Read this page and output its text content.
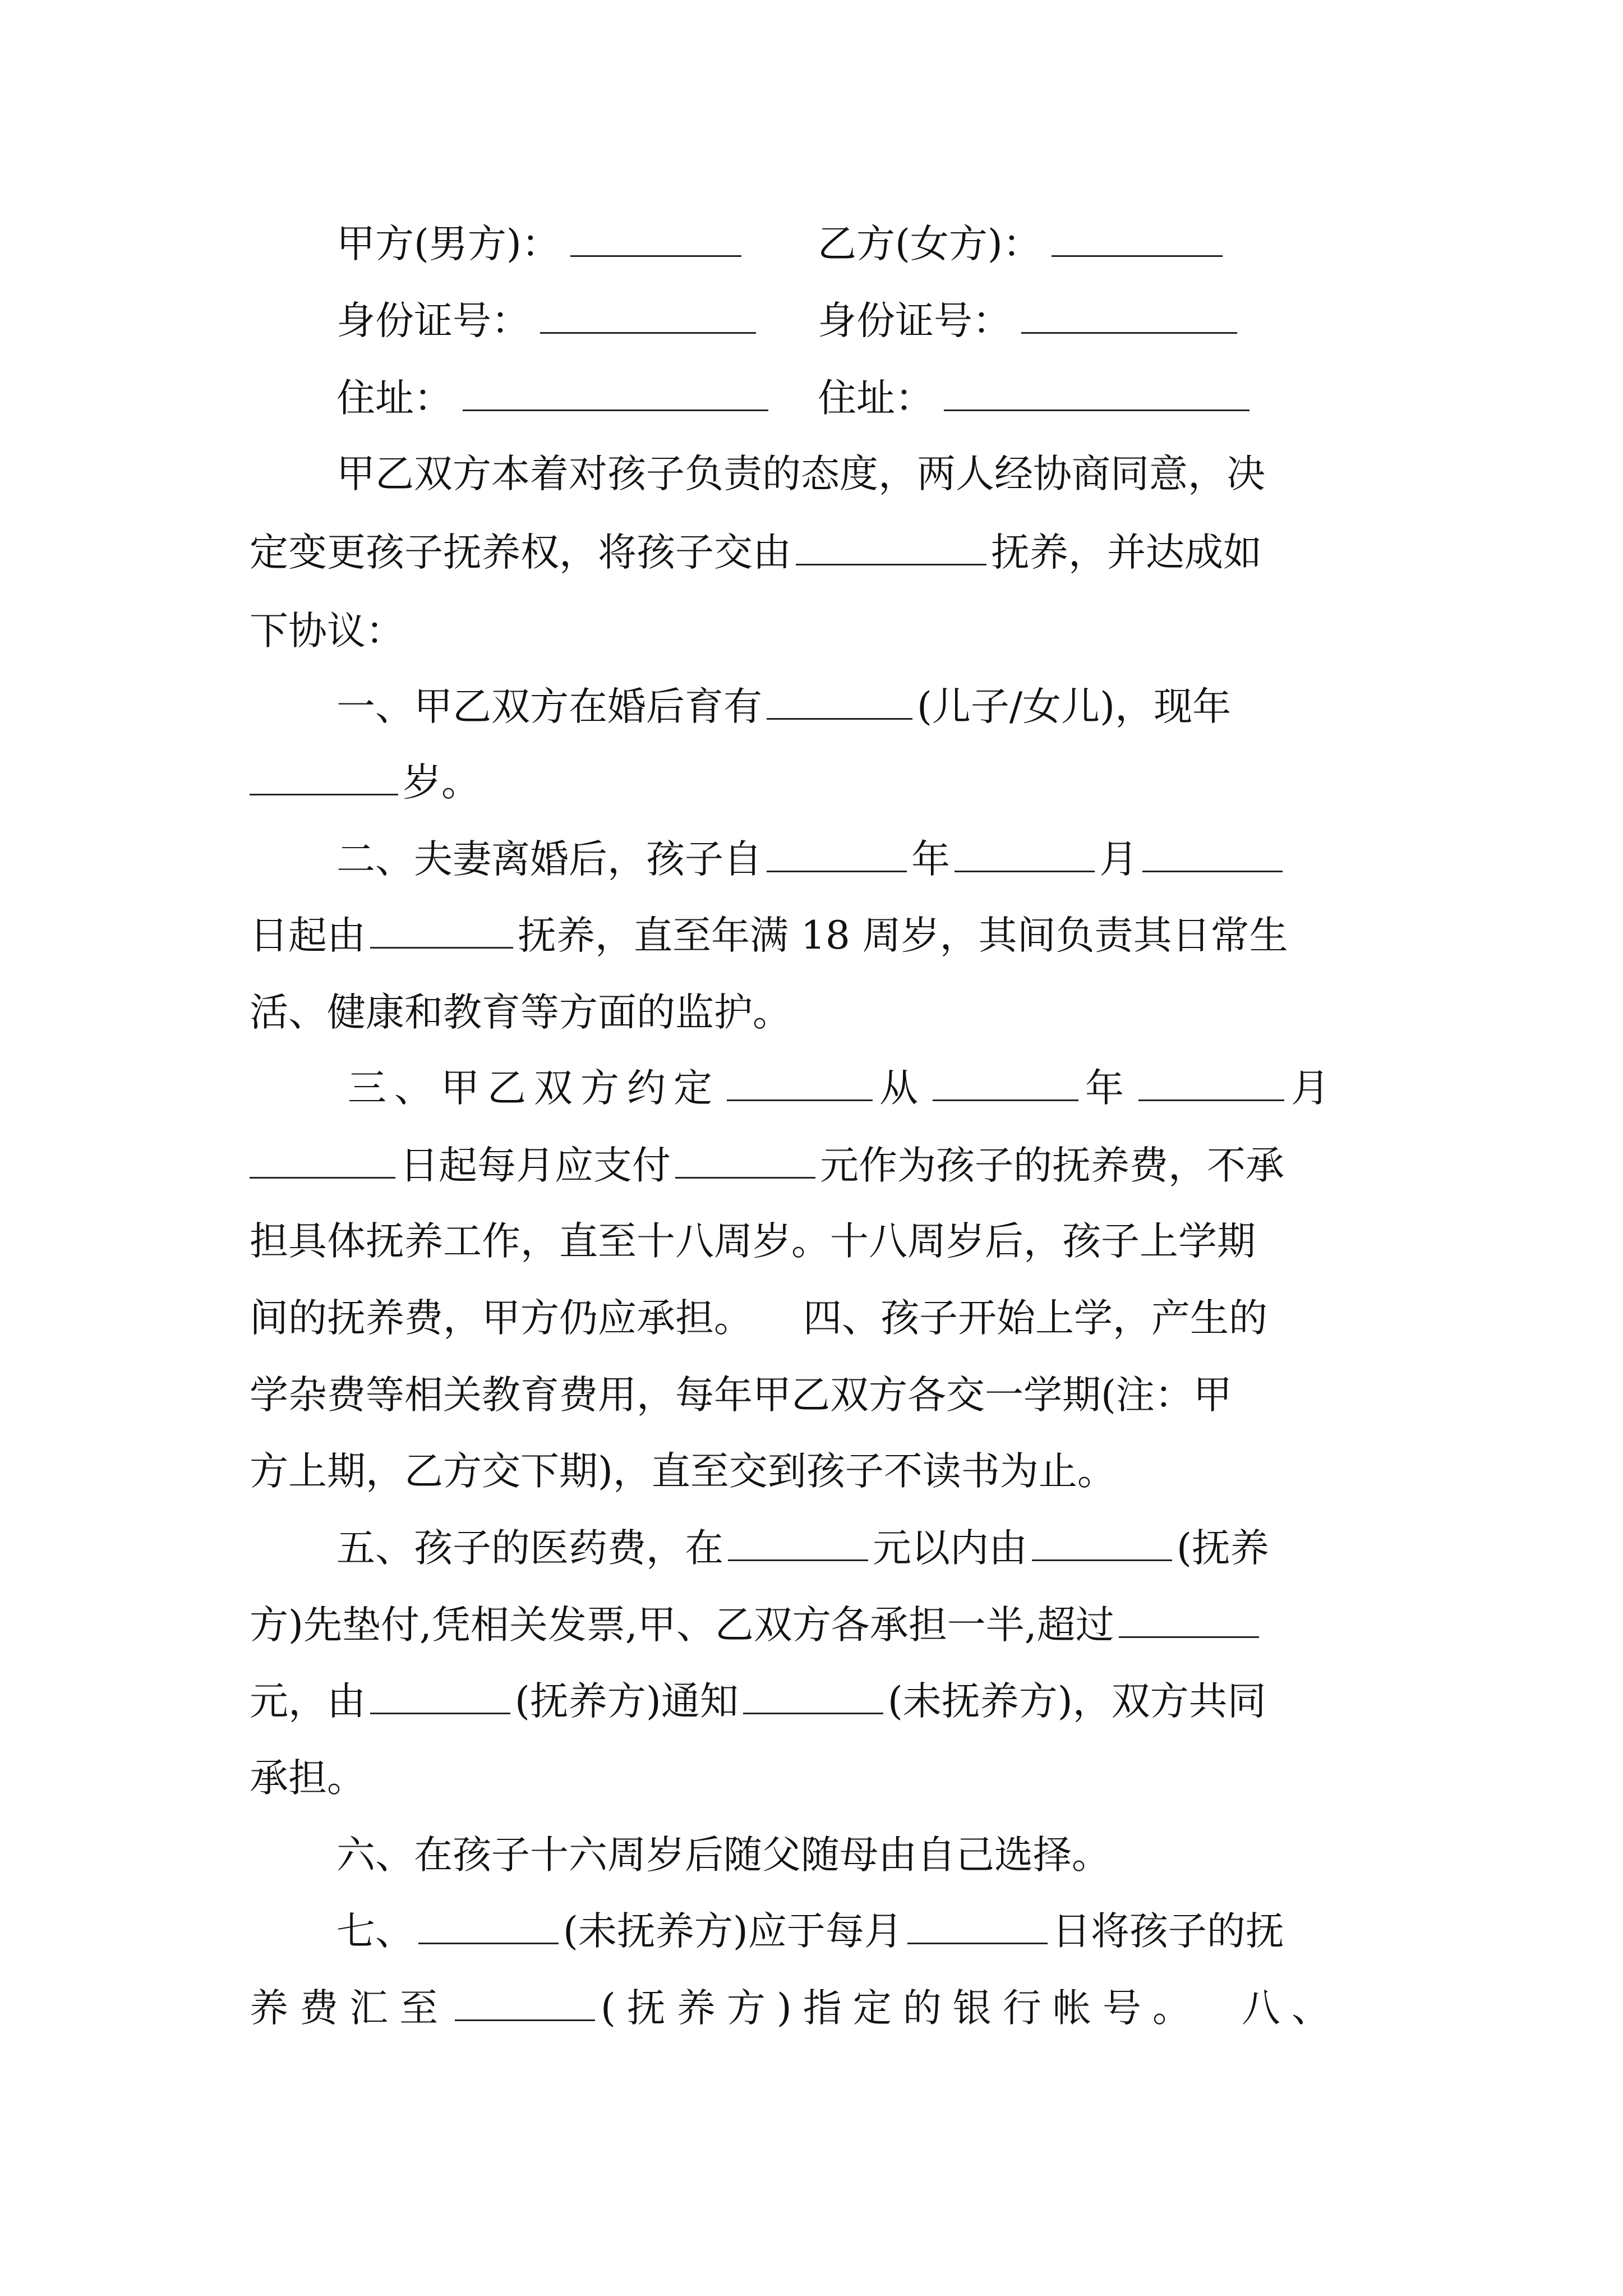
甲方(男方)：	乙方(女方)：
身份证号：	身份证号：
住址：	住址：
甲乙双方本着对孩子负责的态度，两人经协商同意，决
定变更孩子抚养权，将孩子交由	抚养，并达成如
下协议：
一、甲乙双方在婚后育有	(儿子/女儿)，现年
岁。
二、夫妻离婚后，孩子自	年	月
日起由	抚养，直至年满 18 周岁，其间负责其日常生
活、健康和教育等方面的监护。
三、甲乙双方约定	从	年	月
日起每月应支付	元作为孩子的抚养费，不承
担具体抚养工作，直至十八周岁。十八周岁后，孩子上学期
间的抚养费，甲方仍应承担。 四、孩子开始上学，产生的
学杂费等相关教育费用，每年甲乙双方各交一学期(注：甲
方上期，乙方交下期)，直至交到孩子不读书为止。
五、孩子的医药费，在	元以内由	(抚养
方)先垫付,凭相关发票,甲、乙双方各承担一半,超过
元，由	(抚养方)通知	(未抚养方)，双方共同
承担。
六、在孩子十六周岁后随父随母由自己选择。
七、	(未抚养方)应于每月	日将孩子的抚
养费汇至	(抚养方)指定的银行帐号。 八、
